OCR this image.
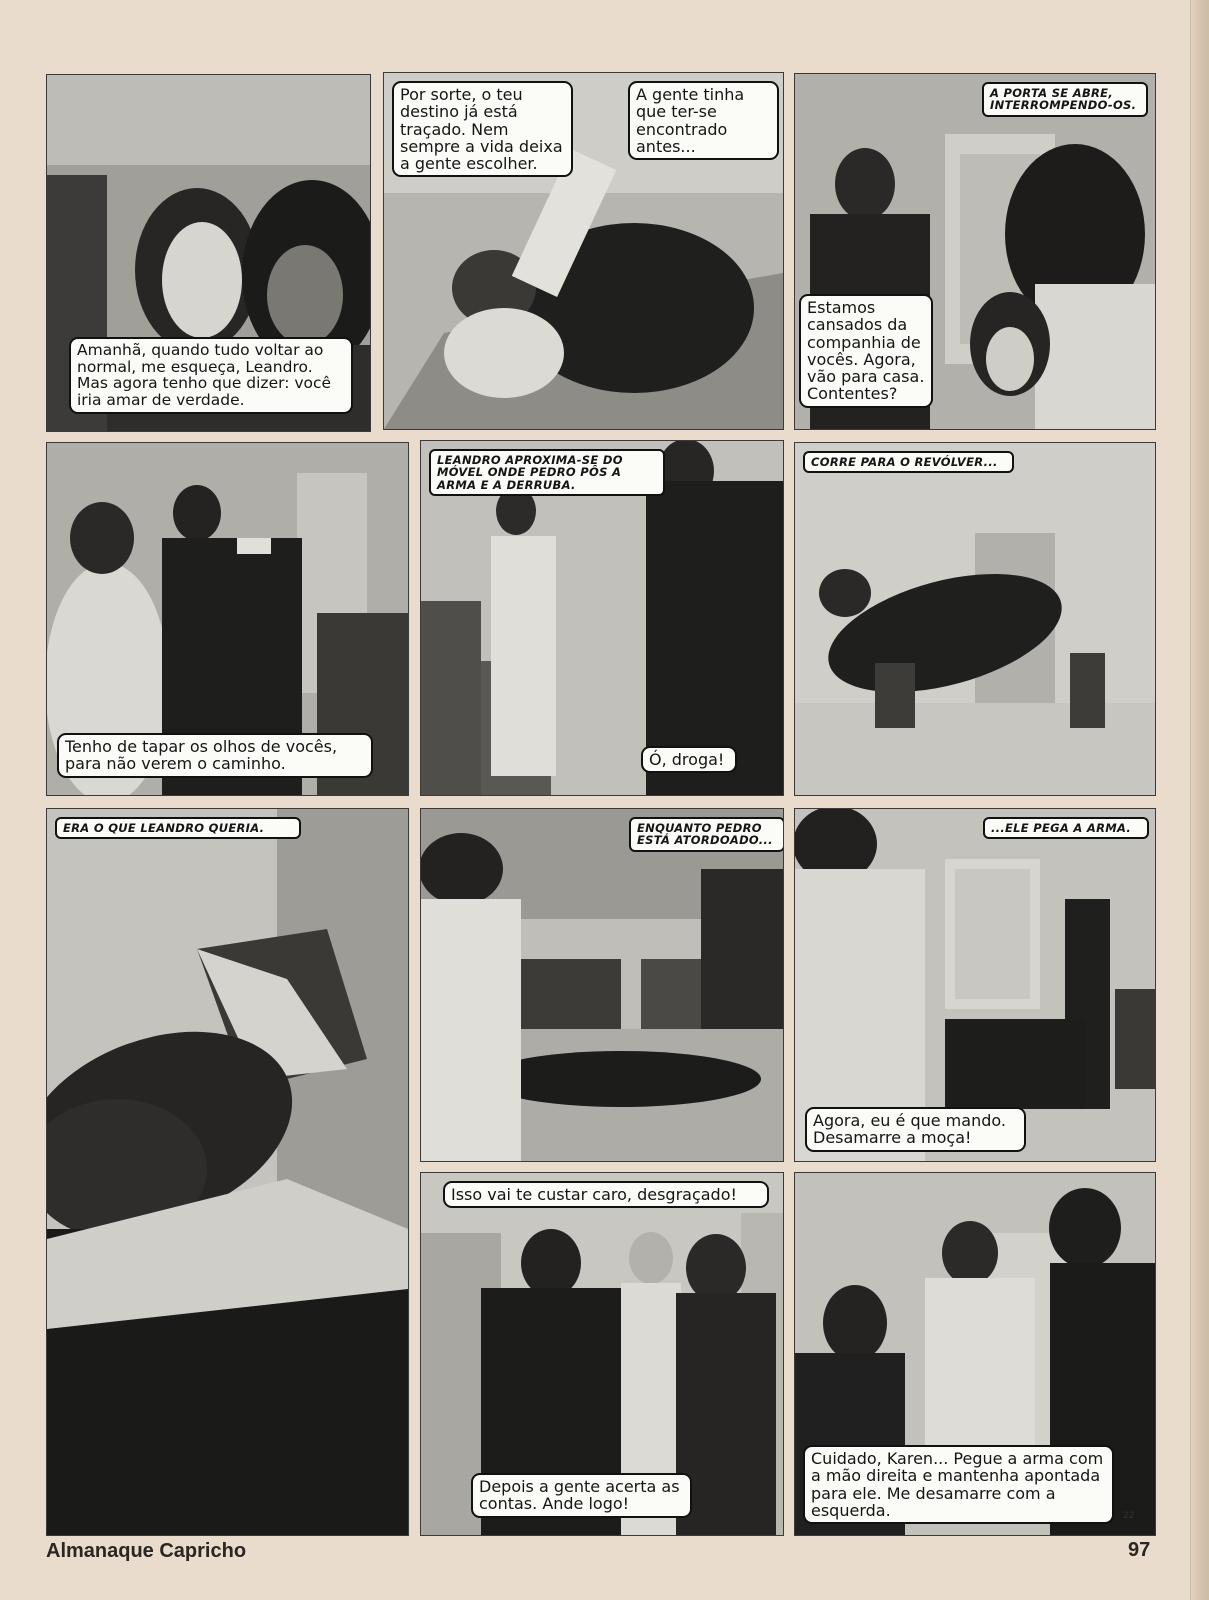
Amanhã, quando tudo voltar ao normal, me esqueça, Leandro. Mas agora tenho que dizer: você iria amar de verdade.
Por sorte, o teu destino já está traçado. Nem sempre a vida deixa a gente escolher.
A gente tinha que ter-se encontrado antes...
A PORTA SE ABRE, INTERROMPENDO-OS.
Estamos cansados da companhia de vocês. Agora, vão para casa. Contentes?
Tenho de tapar os olhos de vocês, para não verem o caminho.
LEANDRO APROXIMA-SE DO MÓVEL ONDE PEDRO PÔS A ARMA E A DERRUBA.
Ó, droga!
CORRE PARA O REVÓLVER...
ERA O QUE LEANDRO QUERIA.	ENQUANTO PEDRO ESTÁ ATORDOADO...
...ELE PEGA A ARMA.
Agora, eu é que mando. Desamarre a moça!
Isso vai te custar caro, desgraçado!
Depois a gente acerta as contas. Ande logo!
Cuidado, Karen... Pegue a arma com a mão direita e mantenha apontada para ele. Me desamarre com a esquerda.	22
Almanaque Capricho	97
